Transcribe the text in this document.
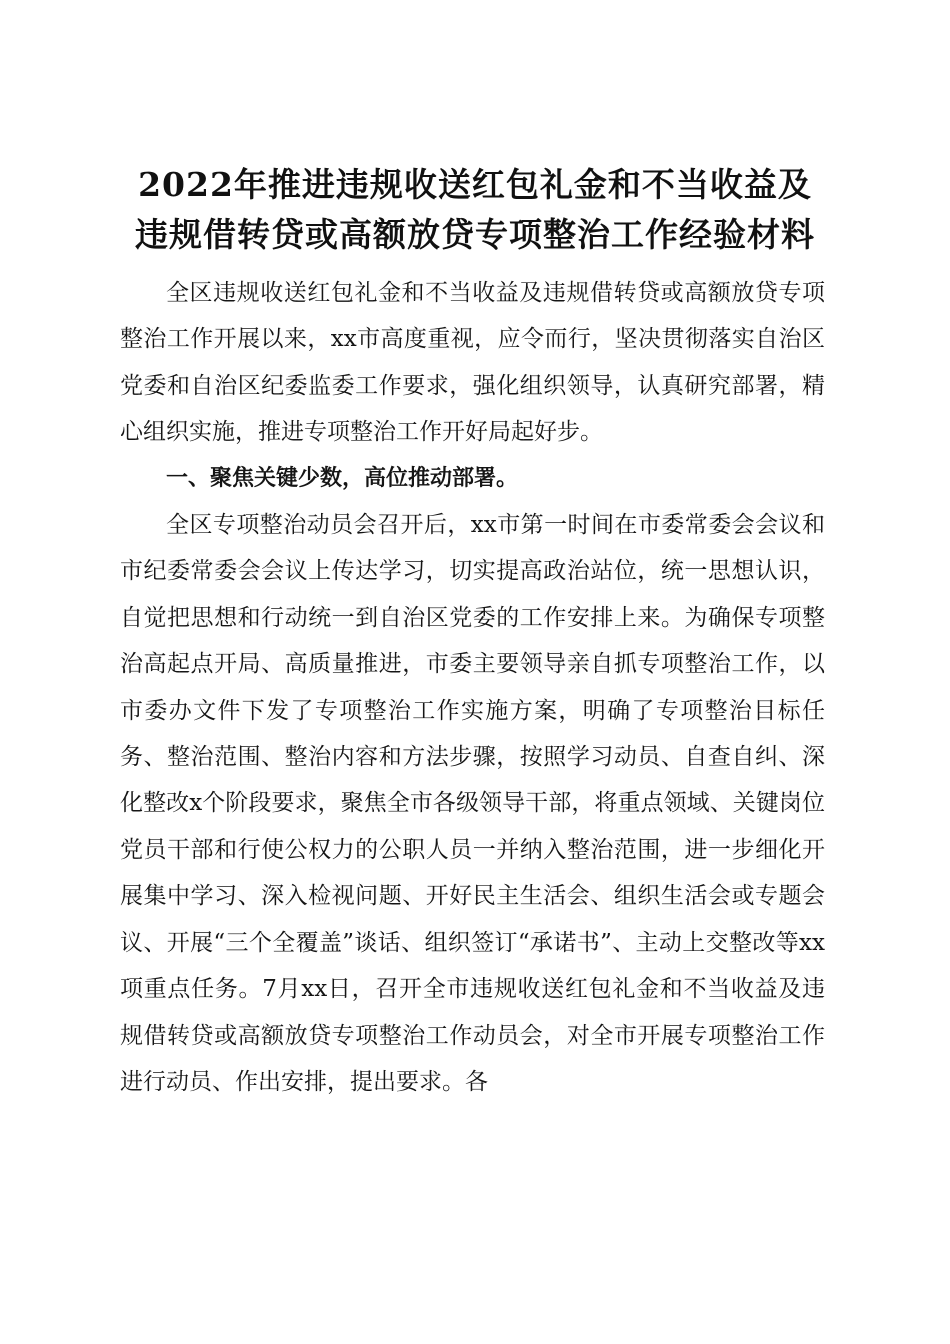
2022年推进违规收送红包礼金和不当收益及
违规借转贷或高额放贷专项整治工作经验材料

全区违规收送红包礼金和不当收益及违规借转贷或高额放贷专项整治工作开展以来，xx市高度重视，应令而行，坚决贯彻落实自治区党委和自治区纪委监委工作要求，强化组织领导，认真研究部署，精心组织实施，推进专项整治工作开好局起好步。

一、聚焦关键少数，高位推动部署。

全区专项整治动员会召开后，xx市第一时间在市委常委会会议和市纪委常委会会议上传达学习，切实提高政治站位，统一思想认识，自觉把思想和行动统一到自治区党委的工作安排上来。为确保专项整治高起点开局、高质量推进，市委主要领导亲自抓专项整治工作，以市委办文件下发了专项整治工作实施方案，明确了专项整治目标任务、整治范围、整治内容和方法步骤，按照学习动员、自查自纠、深化整改x个阶段要求，聚焦全市各级领导干部，将重点领域、关键岗位党员干部和行使公权力的公职人员一并纳入整治范围，进一步细化开展集中学习、深入检视问题、开好民主生活会、组织生活会或专题会议、开展“三个全覆盖”谈话、组织签订“承诺书”、主动上交整改等xx项重点任务。7月xx日，召开全市违规收送红包礼金和不当收益及违规借转贷或高额放贷专项整治工作动员会，对全市开展专项整治工作进行动员、作出安排，提出要求。各
